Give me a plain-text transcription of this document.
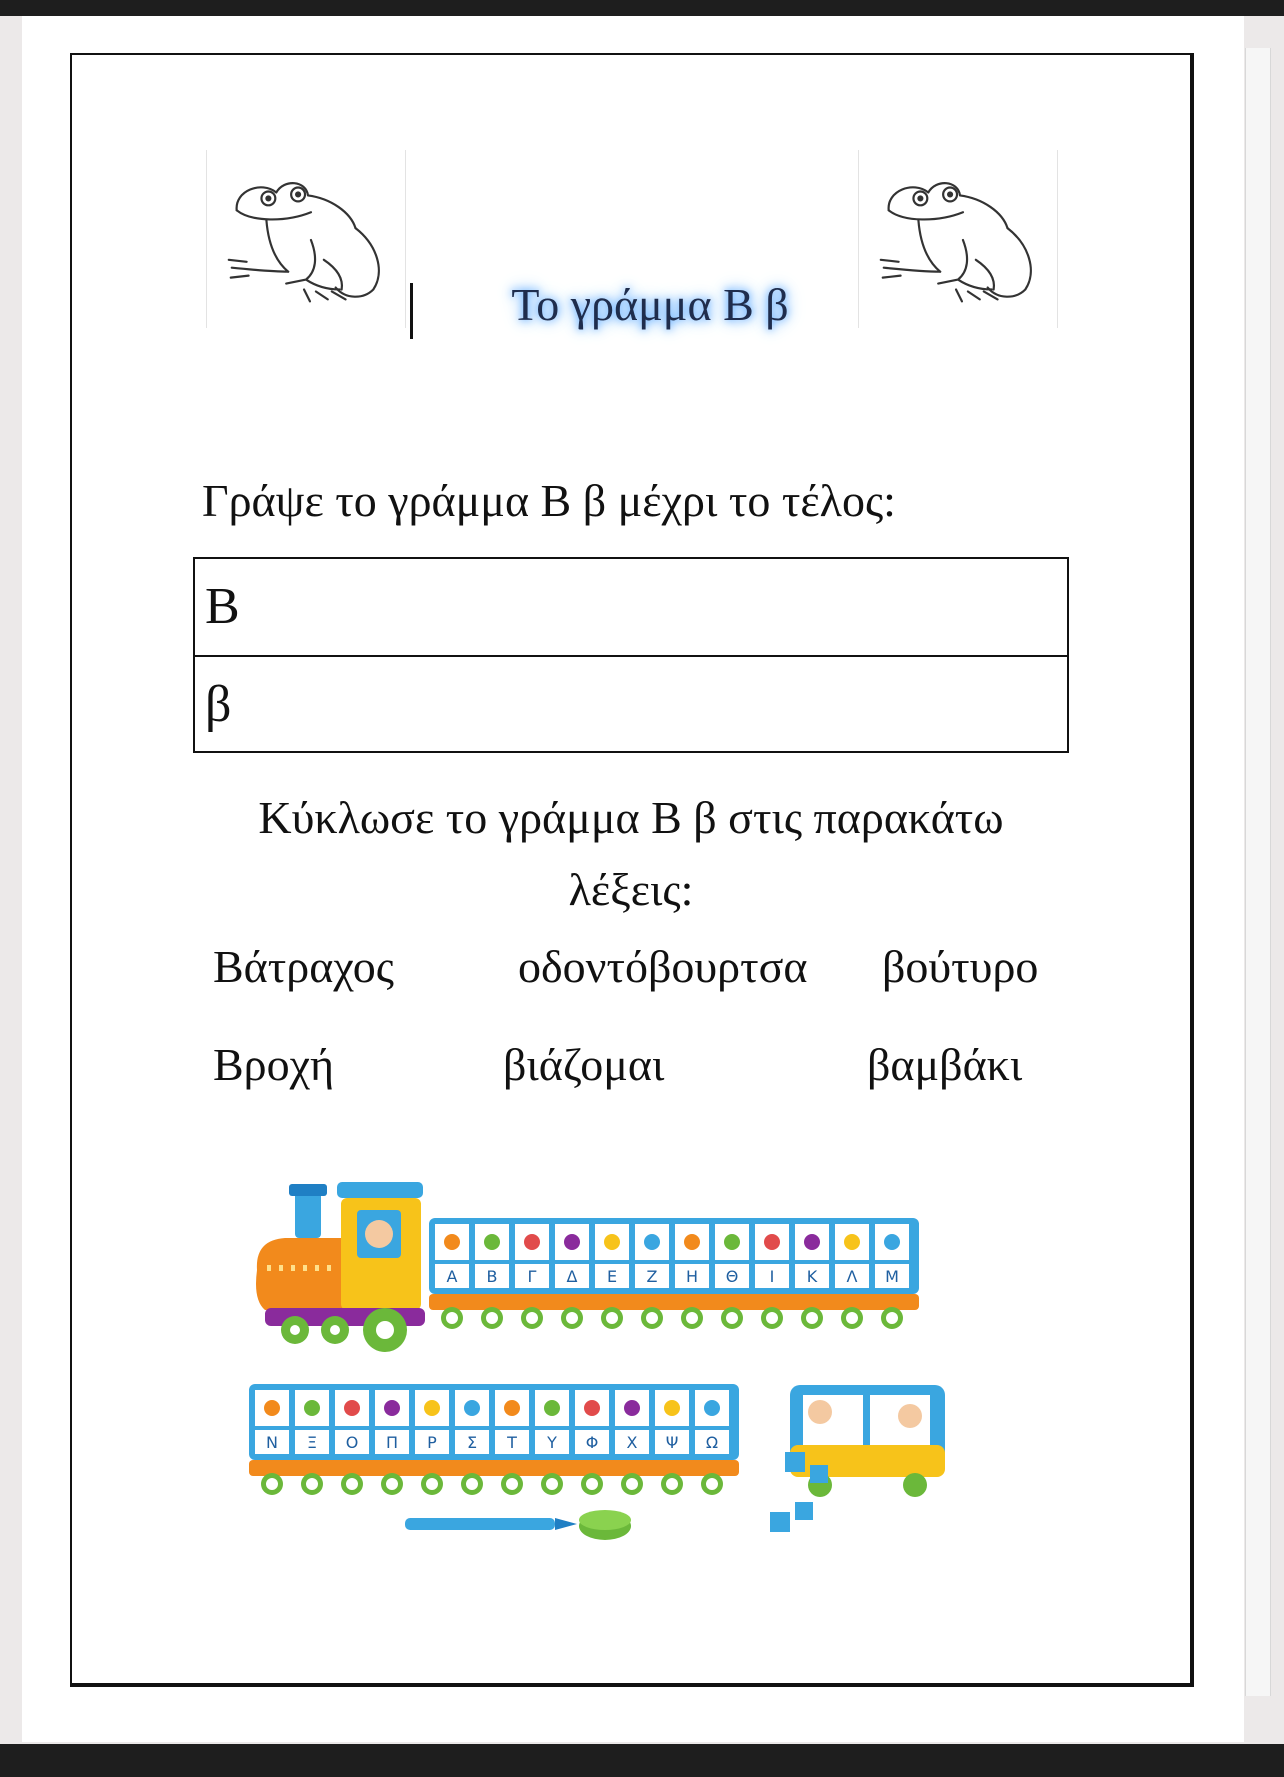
Το γράμμα Β β
Γράψε το γράμμα Β β μέχρι το τέλος:
Β
β
Κύκλωσε το γράμμα Β β στις παρακάτω
λέξεις:
Βάτραχος	οδοντόβουρτσα βούτυρο
Βροχή	βιάζομαι	βαμβάκι
Α Β Γ Δ Ε Ζ Η Θ Ι Κ Λ Μ
Ν Ξ Ο Π Ρ Σ Τ Υ Φ Χ Ψ Ω
